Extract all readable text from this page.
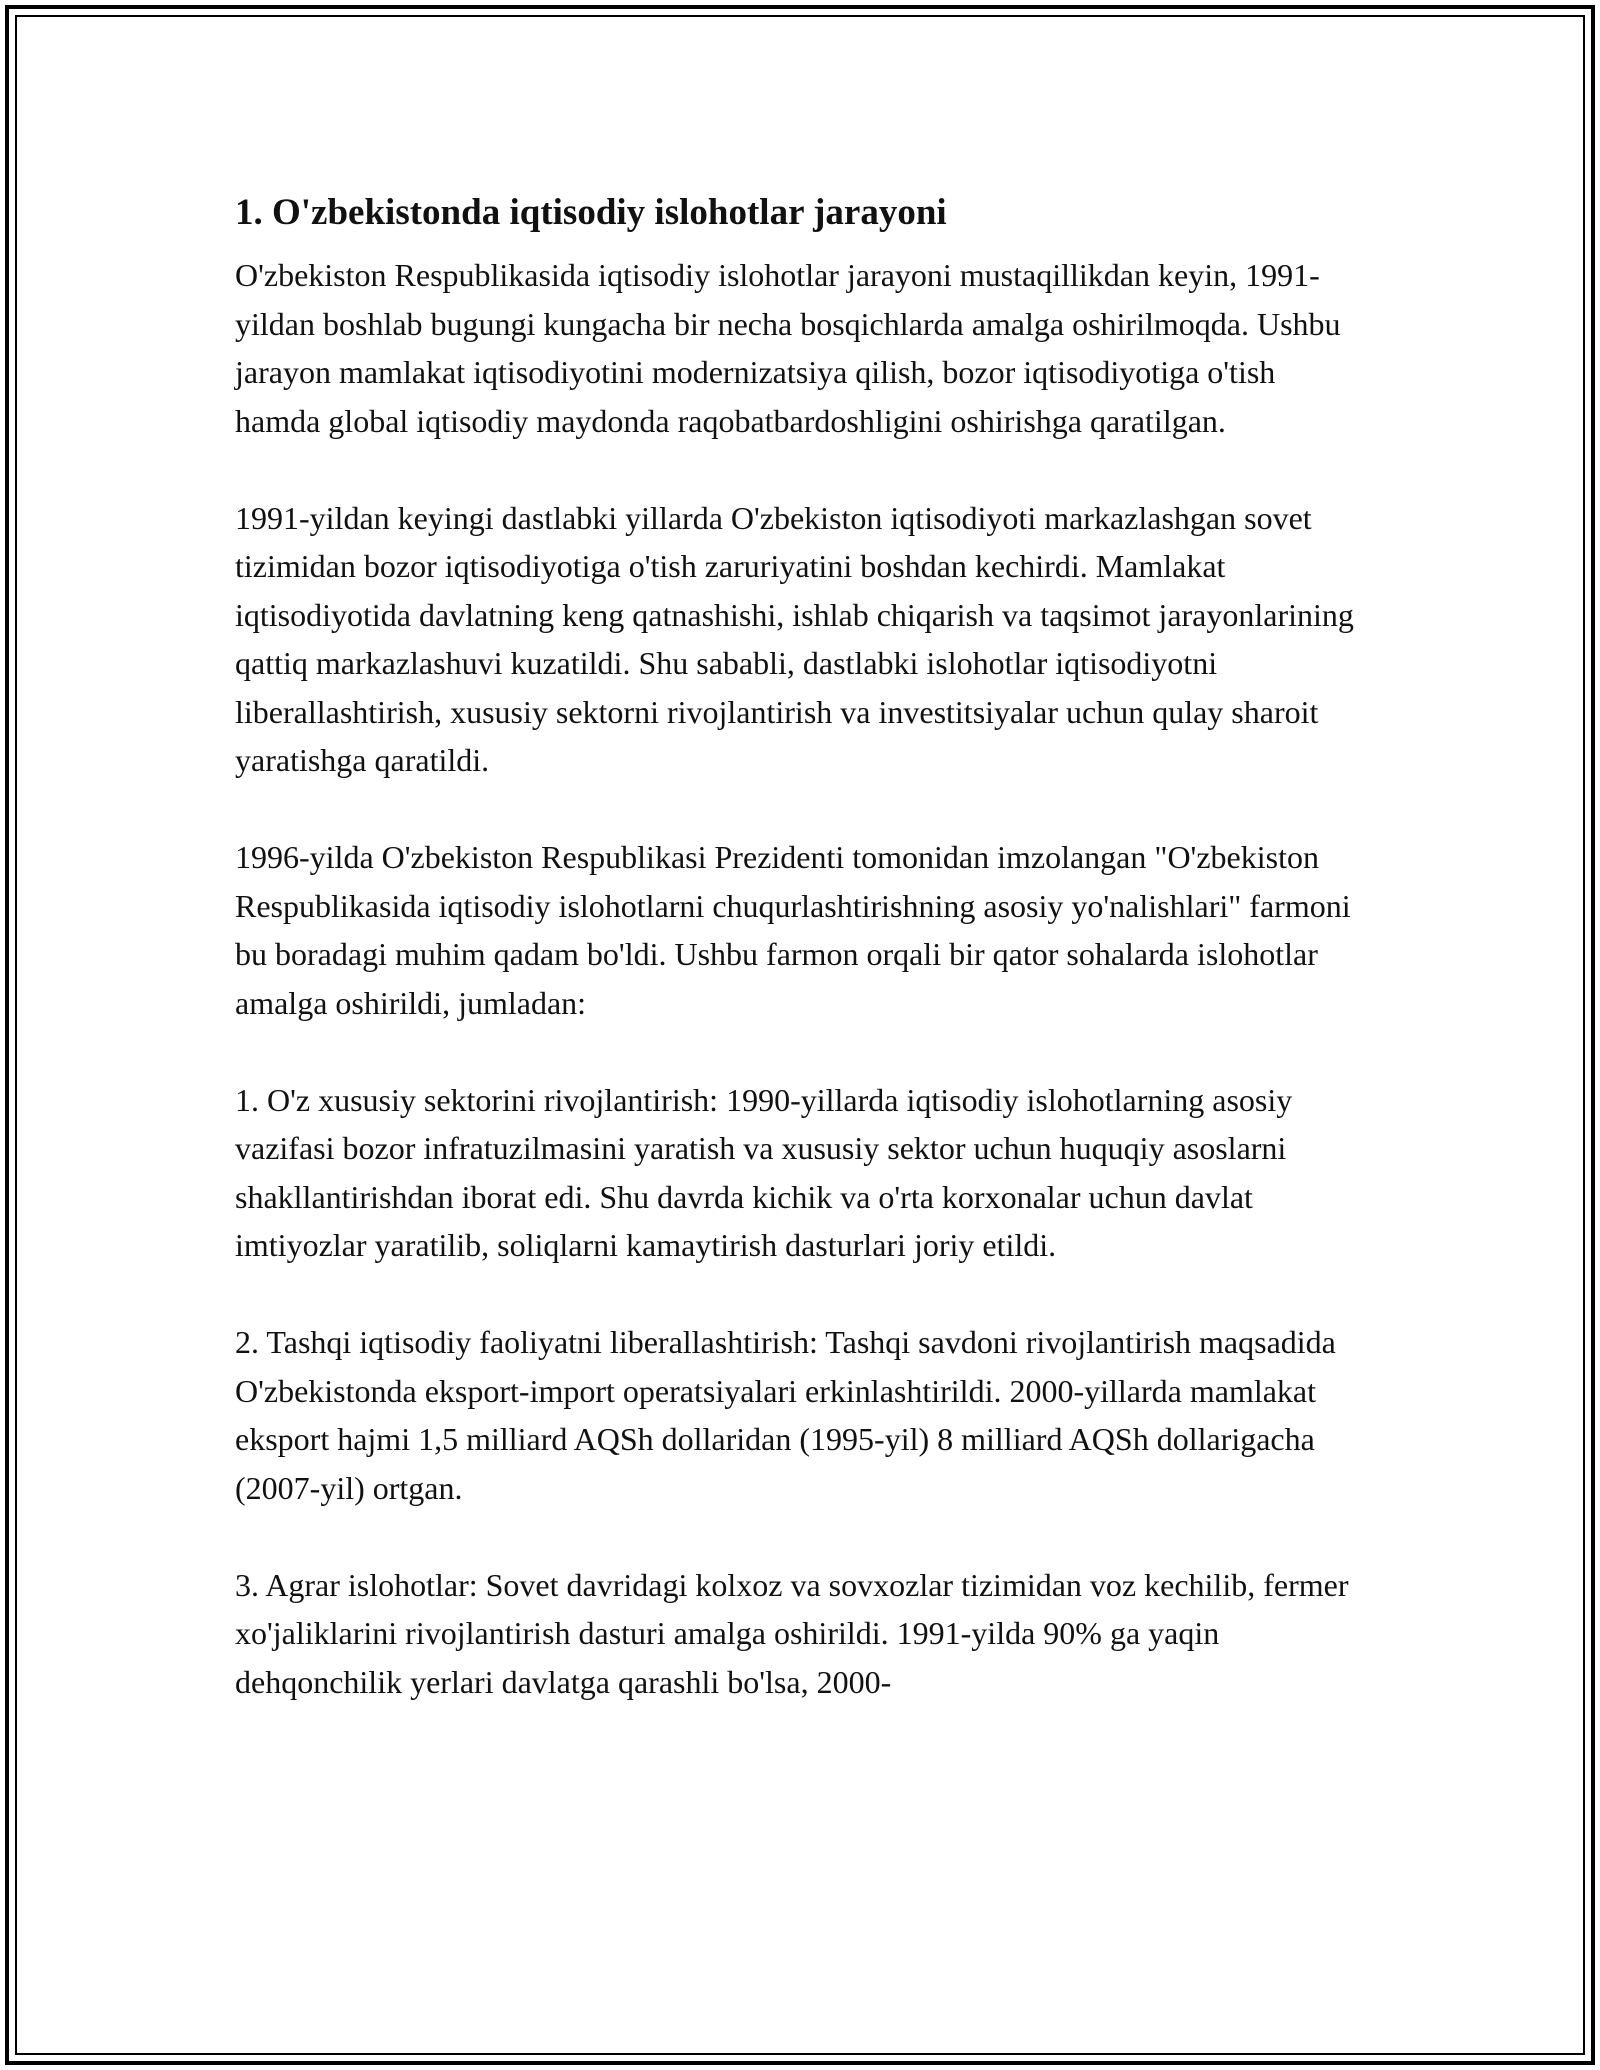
1. O'zbekistonda iqtisodiy islohotlar jarayoni

O'zbekiston Respublikasida iqtisodiy islohotlar jarayoni mustaqillikdan keyin, 1991-yildan boshlab bugungi kungacha bir necha bosqichlarda amalga oshirilmoqda. Ushbu jarayon mamlakat iqtisodiyotini modernizatsiya qilish, bozor iqtisodiyotiga o'tish hamda global iqtisodiy maydonda raqobatbardoshligini oshirishga qaratilgan.

1991-yildan keyingi dastlabki yillarda O'zbekiston iqtisodiyoti markazlashgan sovet tizimidan bozor iqtisodiyotiga o'tish zaruriyatini boshdan kechirdi. Mamlakat iqtisodiyotida davlatning keng qatnashishi, ishlab chiqarish va taqsimot jarayonlarining qattiq markazlashuvi kuzatildi. Shu sababli, dastlabki islohotlar iqtisodiyotni liberallashtirish, xususiy sektorni rivojlantirish va investitsiyalar uchun qulay sharoit yaratishga qaratildi.

1996-yilda O'zbekiston Respublikasi Prezidenti tomonidan imzolangan "O'zbekiston Respublikasida iqtisodiy islohotlarni chuqurlashtirishning asosiy yo'nalishlari" farmoni bu boradagi muhim qadam bo'ldi. Ushbu farmon orqali bir qator sohalarda islohotlar amalga oshirildi, jumladan:

1. O'z xususiy sektorini rivojlantirish: 1990-yillarda iqtisodiy islohotlarning asosiy vazifasi bozor infratuzilmasini yaratish va xususiy sektor uchun huquqiy asoslarni shakllantirishdan iborat edi. Shu davrda kichik va o'rta korxonalar uchun davlat imtiyozlar yaratilib, soliqlarni kamaytirish dasturlari joriy etildi.

2. Tashqi iqtisodiy faoliyatni liberallashtirish: Tashqi savdoni rivojlantirish maqsadida O'zbekistonda eksport-import operatsiyalari erkinlashtirildi. 2000-yillarda mamlakat eksport hajmi 1,5 milliard AQSh dollaridan (1995-yil) 8 milliard AQSh dollarigacha (2007-yil) ortgan.

3. Agrar islohotlar: Sovet davridagi kolxoz va sovxozlar tizimidan voz kechilib, fermer xo'jaliklarini rivojlantirish dasturi amalga oshirildi. 1991-yilda 90% ga yaqin dehqonchilik yerlari davlatga qarashli bo'lsa, 2000-
